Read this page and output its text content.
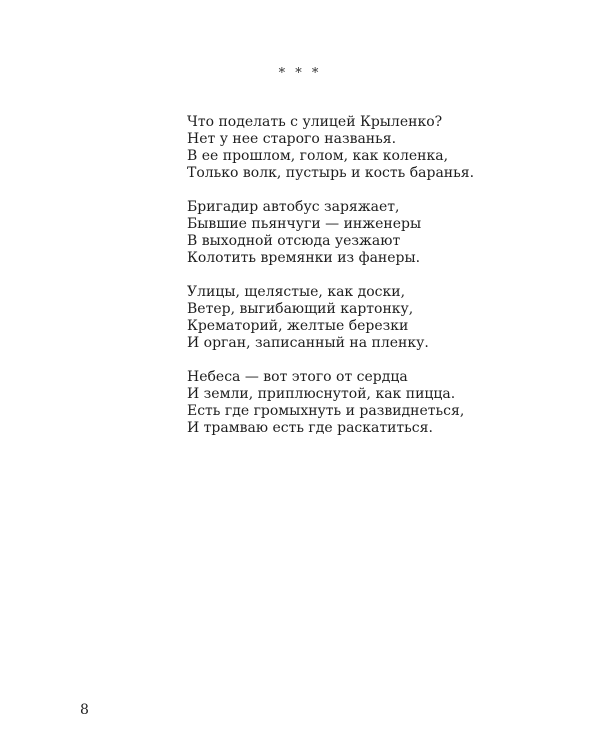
* * *
Что поделать с улицей Крыленко?
Нет у нее старого названья.
В ее прошлом, голом, как коленка,
Только волк, пустырь и кость баранья.
Бригадир автобус заряжает,
Бывшие пьянчуги — инженеры
В выходной отсюда уезжают
Колотить времянки из фанеры.
Улицы, щелястые, как доски,
Ветер, выгибающий картонку,
Крематорий, желтые березки
И орган, записанный на пленку.
Небеса — вот этого от сердца
И земли, приплюснутой, как пицца.
Есть где громыхнуть и развиднеться,
И трамваю есть где раскатиться.
8
